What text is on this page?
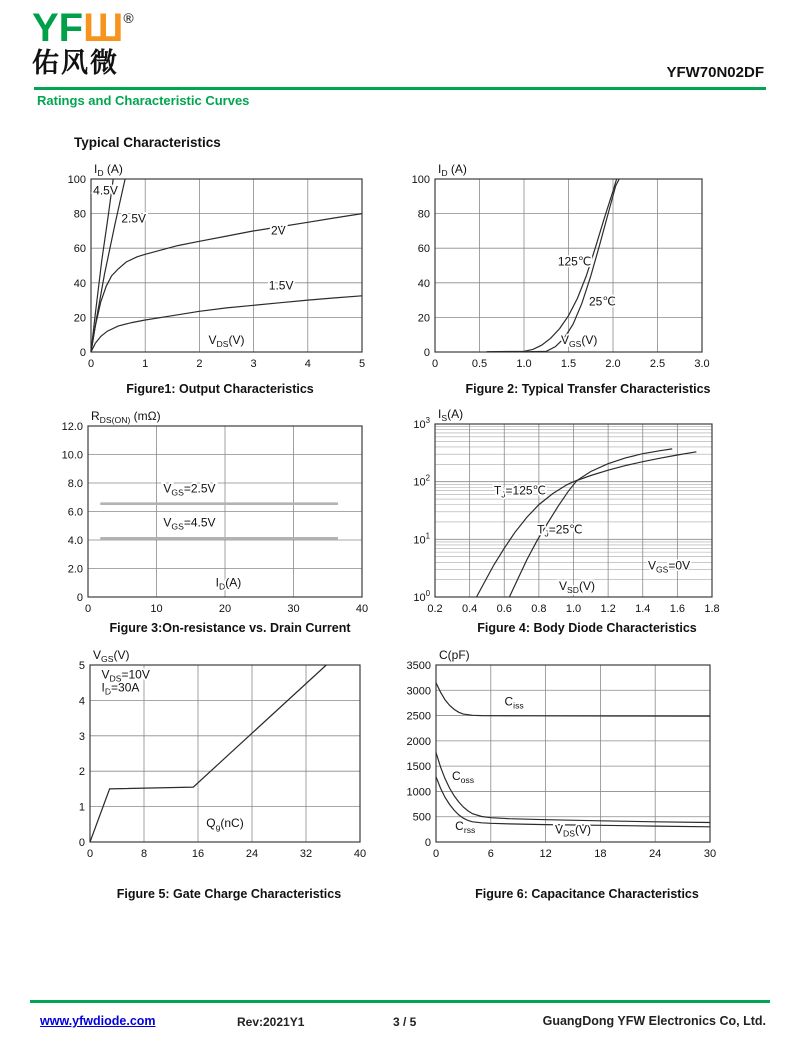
YFШ®
佑风微	YFW70N02DF
Ratings and Characteristic Curves
Typical Characteristics
0	1	2	3	4	5
0
20
40
60
80
100
$I_D$ (A)
$V_{DS}(V)$
4.5V
2.5V
2V
1.5V
Figure1: Output Characteristics
0	0.5	1.0	1.5	2.0	2.5	3.0
0
20
40
60
80
100
$I_D$ (A)
$V_{GS}(V)$
125℃
25℃
Figure 2: Typical Transfer Characteristics
0	10	20	30	40
0
2.0
4.0
6.0
8.0
10.0
12.0
$R_{DS(ON)}$ (mΩ)
$I_D(A)$
$V_{GS}=2.5V$
$V_{GS}=4.5V$
Figure 3:On-resistance vs. Drain Current
0.2 0.4 0.6 0.8 1.0 1.2 1.4 1.6 1.8
$10^0$
$10^1$
$10^2$
$10^3$ $I_S(A)$
$V_{SD}(V)$
$T_J=125℃$
$T_J=25℃$
$V_{GS}=0V$
Figure 4: Body Diode Characteristics
0	8	16	24	32	40
0
1
2
3
4
5
$V_{GS}(V)$
$Q_g(nC)$
$V_{DS}=10V$
$I_D=30A$
Figure 5: Gate Charge Characteristics
0	6	12	18	24	30
0
500
1000
1500
2000
2500
3000
3500
C(pF)
$V_{DS}(V)$
$C_{iss}$
$C_{oss}$
$C_{rss}$
Figure 6: Capacitance Characteristics
www.yfwdiode.com	Rev:2021Y1	3 / 5	GuangDong YFW Electronics Co, Ltd.
